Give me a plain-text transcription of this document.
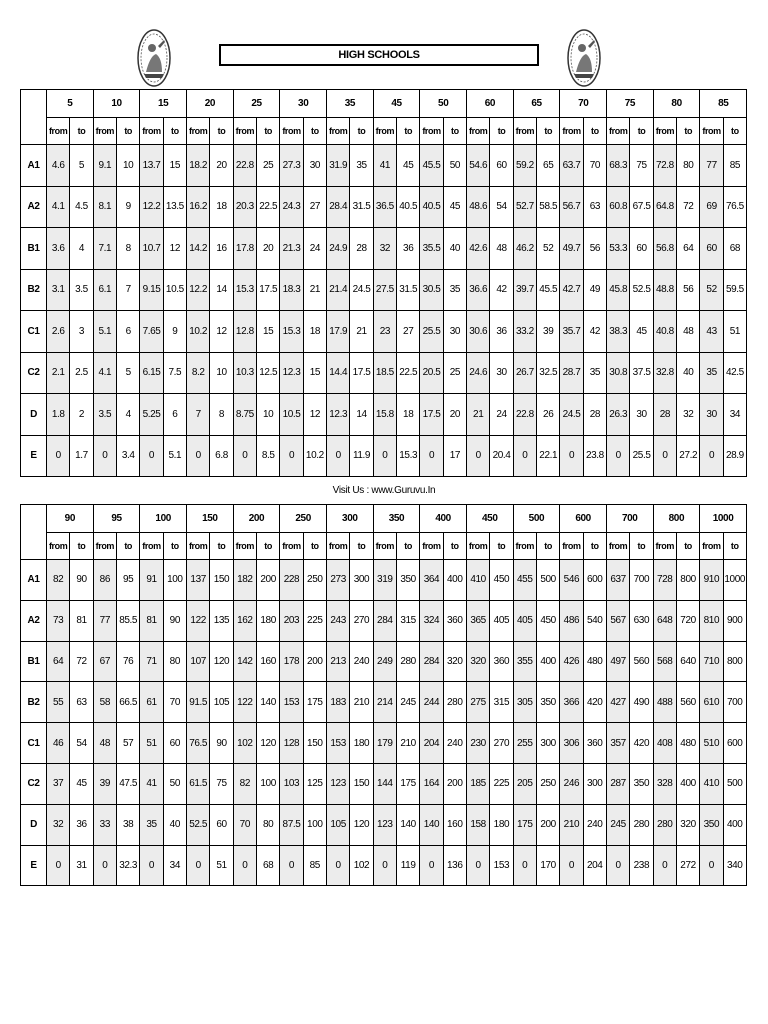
HIGH SCHOOLS
	5		10		15		20		25		30		35		45		50		60		65		70		75		80		85	
	from	to	from	to	from	to	from	to	from	to	from	to	from	to	from	to	from	to	from	to	from	to	from	to	from	to	from	to	from	to
A1	4.6	5	9.1	10	13.7	15	18.2	20	22.8	25	27.3	30	31.9	35	41	45	45.5	50	54.6	60	59.2	65	63.7	70	68.3	75	72.8	80	77	85
A2	4.1	4.5	8.1	9	12.2	13.5	16.2	18	20.3	22.5	24.3	27	28.4	31.5	36.5	40.5	40.5	45	48.6	54	52.7	58.5	56.7	63	60.8	67.5	64.8	72	69	76.5
B1	3.6	4	7.1	8	10.7	12	14.2	16	17.8	20	21.3	24	24.9	28	32	36	35.5	40	42.6	48	46.2	52	49.7	56	53.3	60	56.8	64	60	68
B2	3.1	3.5	6.1	7	9.15	10.5	12.2	14	15.3	17.5	18.3	21	21.4	24.5	27.5	31.5	30.5	35	36.6	42	39.7	45.5	42.7	49	45.8	52.5	48.8	56	52	59.5
C1	2.6	3	5.1	6	7.65	9	10.2	12	12.8	15	15.3	18	17.9	21	23	27	25.5	30	30.6	36	33.2	39	35.7	42	38.3	45	40.8	48	43	51
C2	2.1	2.5	4.1	5	6.15	7.5	8.2	10	10.3	12.5	12.3	15	14.4	17.5	18.5	22.5	20.5	25	24.6	30	26.7	32.5	28.7	35	30.8	37.5	32.8	40	35	42.5
D	1.8	2	3.5	4	5.25	6	7	8	8.75	10	10.5	12	12.3	14	15.8	18	17.5	20	21	24	22.8	26	24.5	28	26.3	30	28	32	30	34
E	0	1.7	0	3.4	0	5.1	0	6.8	0	8.5	0	10.2	0	11.9	0	15.3	0	17	0	20.4	0	22.1	0	23.8	0	25.5	0	27.2	0	28.9
Visit Us : www.Guruvu.In
	90		95		100		150		200		250		300		350		400		450		500		600		700		800		1000	
	from	to	from	to	from	to	from	to	from	to	from	to	from	to	from	to	from	to	from	to	from	to	from	to	from	to	from	to	from	to
A1	82	90	86	95	91	100	137	150	182	200	228	250	273	300	319	350	364	400	410	450	455	500	546	600	637	700	728	800	910	1000
A2	73	81	77	85.5	81	90	122	135	162	180	203	225	243	270	284	315	324	360	365	405	405	450	486	540	567	630	648	720	810	900
B1	64	72	67	76	71	80	107	120	142	160	178	200	213	240	249	280	284	320	320	360	355	400	426	480	497	560	568	640	710	800
B2	55	63	58	66.5	61	70	91.5	105	122	140	153	175	183	210	214	245	244	280	275	315	305	350	366	420	427	490	488	560	610	700
C1	46	54	48	57	51	60	76.5	90	102	120	128	150	153	180	179	210	204	240	230	270	255	300	306	360	357	420	408	480	510	600
C2	37	45	39	47.5	41	50	61.5	75	82	100	103	125	123	150	144	175	164	200	185	225	205	250	246	300	287	350	328	400	410	500
D	32	36	33	38	35	40	52.5	60	70	80	87.5	100	105	120	123	140	140	160	158	180	175	200	210	240	245	280	280	320	350	400
E	0	31	0	32.3	0	34	0	51	0	68	0	85	0	102	0	119	0	136	0	153	0	170	0	204	0	238	0	272	0	340
